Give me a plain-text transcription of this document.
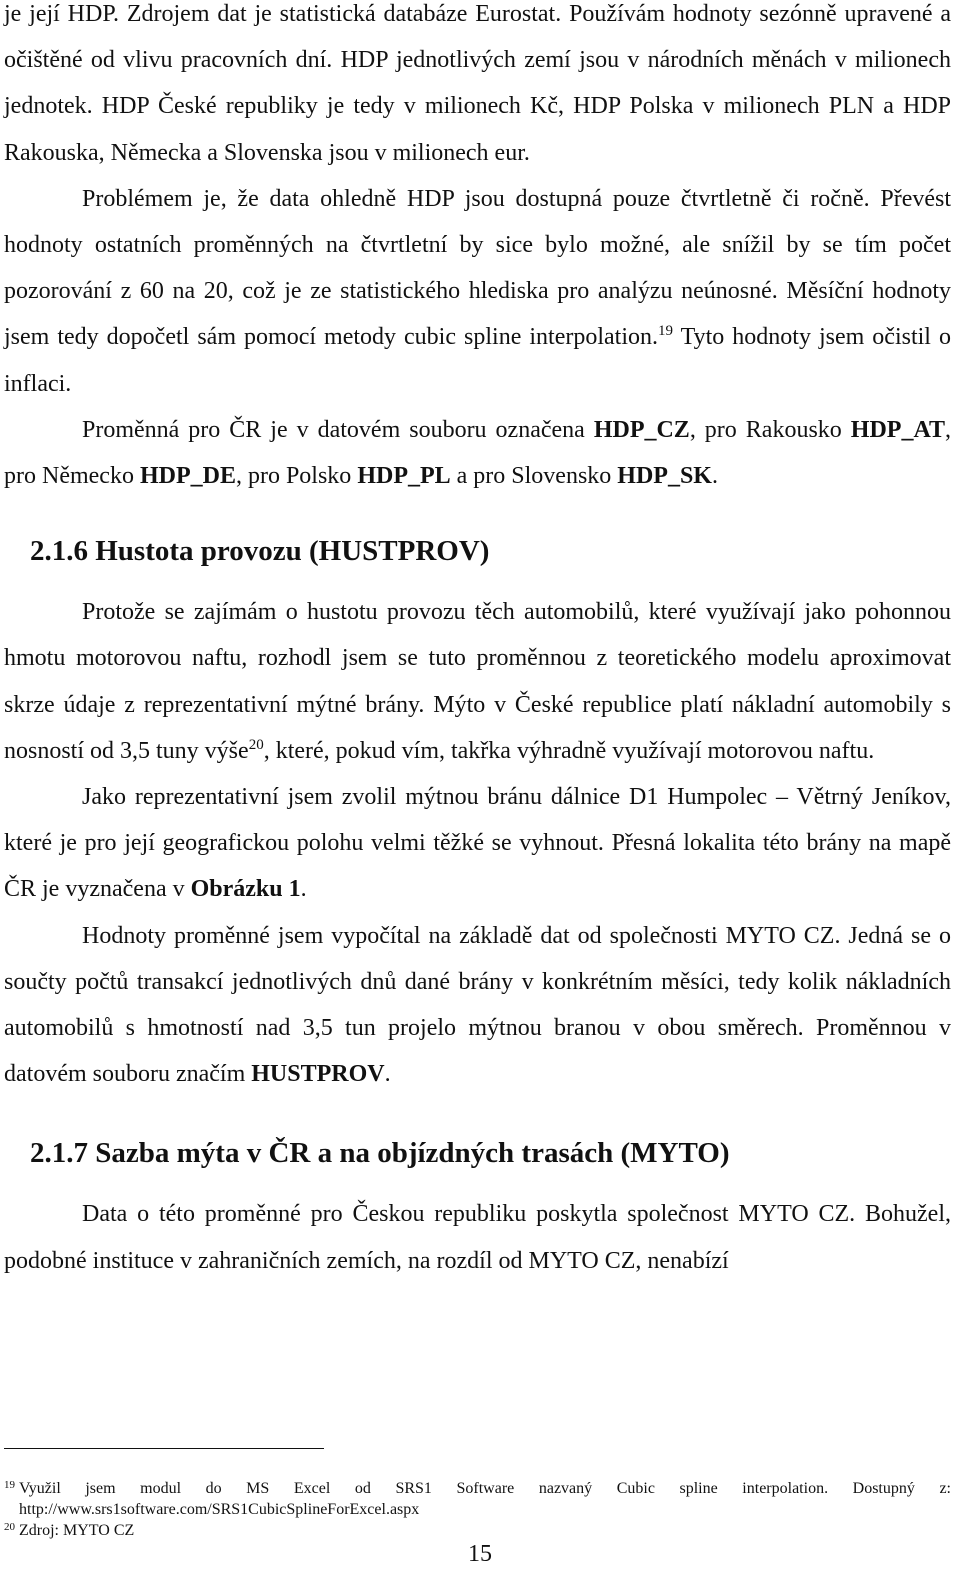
je její HDP. Zdrojem dat je statistická databáze Eurostat. Používám hodnoty sezónně upravené a očištěné od vlivu pracovních dní. HDP jednotlivých zemí jsou v národních měnách v milionech jednotek. HDP České republiky je tedy v milionech Kč, HDP Polska v milionech PLN a HDP Rakouska, Německa a Slovenska jsou v milionech eur.

Problémem je, že data ohledně HDP jsou dostupná pouze čtvrtletně či ročně. Převést hodnoty ostatních proměnných na čtvrtletní by sice bylo možné, ale snížil by se tím počet pozorování z 60 na 20, což je ze statistického hlediska pro analýzu neúnosné. Měsíční hodnoty jsem tedy dopočetl sám pomocí metody cubic spline interpolation.$^{19}$ Tyto hodnoty jsem očistil o inflaci.

Proměnná pro ČR je v datovém souboru označena HDP_CZ, pro Rakousko HDP_AT, pro Německo HDP_DE, pro Polsko HDP_PL a pro Slovensko HDP_SK.

2.1.6 Hustota provozu (HUSTPROV)

Protože se zajímám o hustotu provozu těch automobilů, které využívají jako pohonnou hmotu motorovou naftu, rozhodl jsem se tuto proměnnou z teoretického modelu aproximovat skrze údaje z reprezentativní mýtné brány. Mýto v České republice platí nákladní automobily s nosností od 3,5 tuny výše$^{20}$, které, pokud vím, takřka výhradně využívají motorovou naftu.

Jako reprezentativní jsem zvolil mýtnou bránu dálnice D1 Humpolec – Větrný Jeníkov, které je pro její geografickou polohu velmi těžké se vyhnout. Přesná lokalita této brány na mapě ČR je vyznačena v Obrázku 1.

Hodnoty proměnné jsem vypočítal na základě dat od společnosti MYTO CZ. Jedná se o součty počtů transakcí jednotlivých dnů dané brány v konkrétním měsíci, tedy kolik nákladních automobilů s hmotností nad 3,5 tun projelo mýtnou branou v obou směrech. Proměnnou v datovém souboru značím HUSTPROV.

2.1.7 Sazba mýta v ČR a na objízdných trasách (MYTO)

Data o této proměnné pro Českou republiku poskytla společnost MYTO CZ. Bohužel, podobné instituce v zahraničních zemích, na rozdíl od MYTO CZ, nenabízí

19 Využil jsem modul do MS Excel od SRS1 Software nazvaný Cubic spline interpolation. Dostupný z:
http://www.srs1software.com/SRS1CubicSplineForExcel.aspx
20 Zdroj: MYTO CZ
15
